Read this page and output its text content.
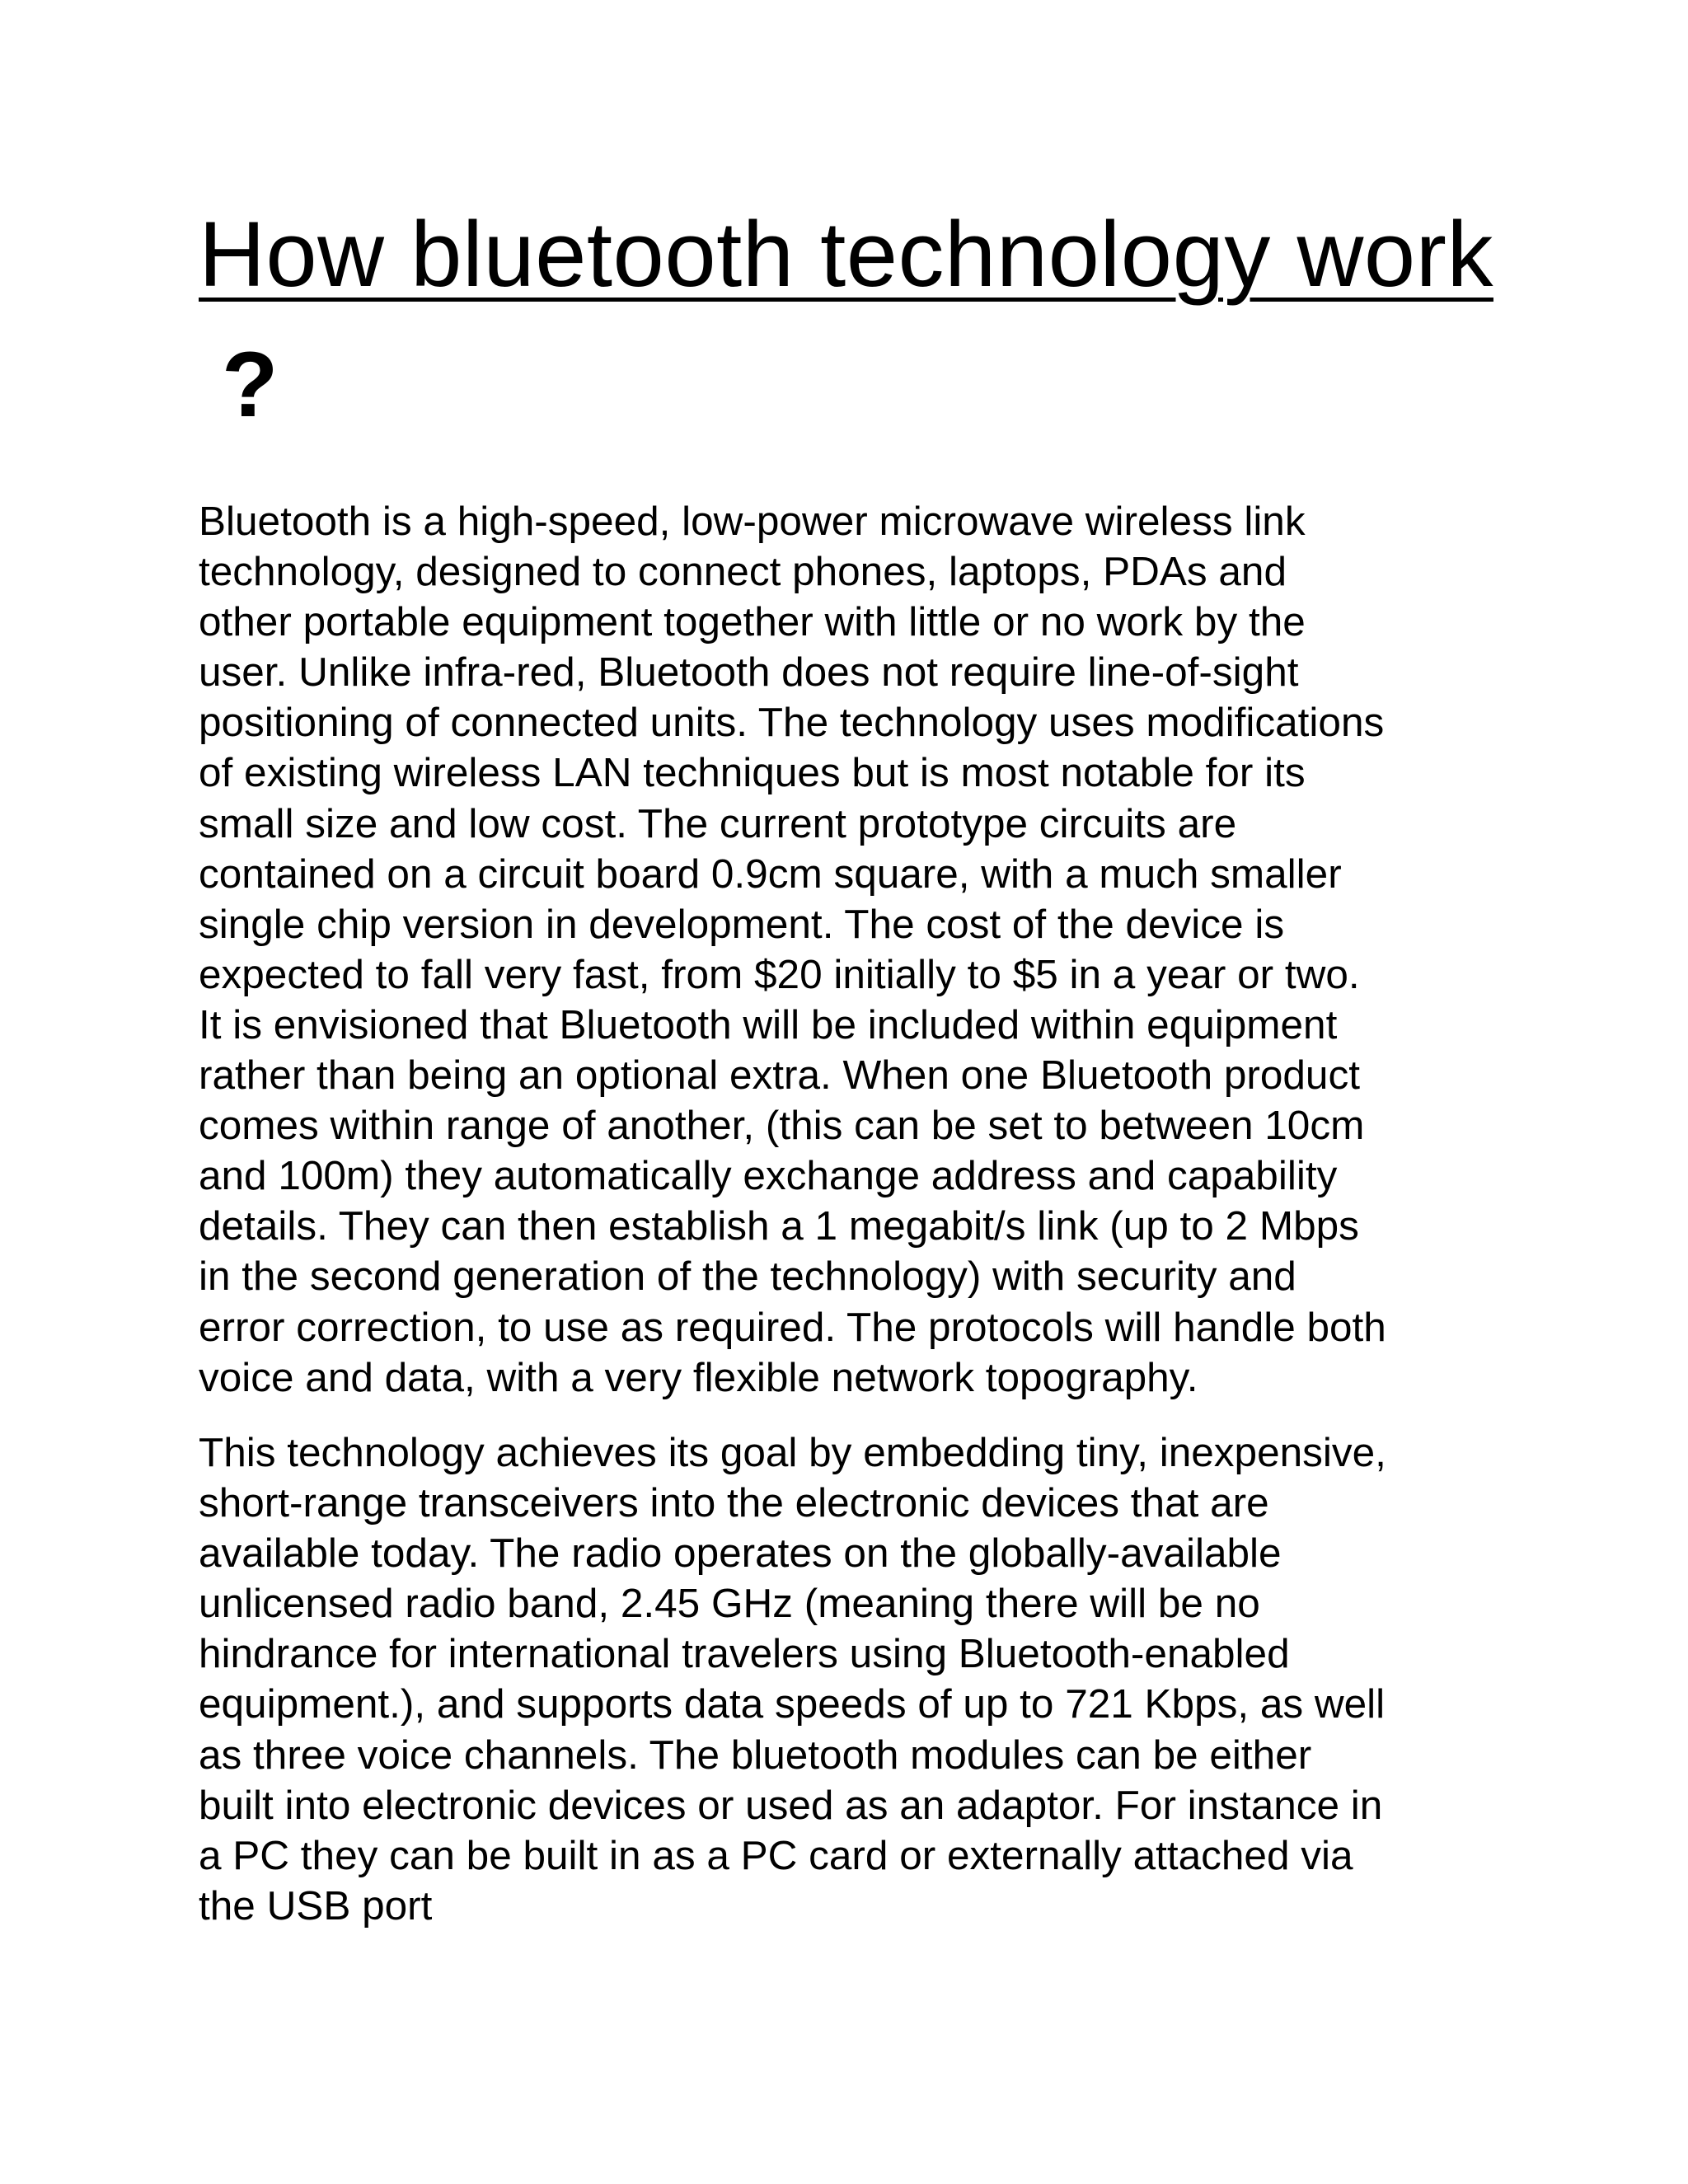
How bluetooth technology work ?
Bluetooth is a high-speed, low-power microwave wireless link
technology, designed to connect phones, laptops, PDAs and
other portable equipment together with little or no work by the
user. Unlike infra-red, Bluetooth does not require line-of-sight
positioning of connected units. The technology uses modifications
of existing wireless LAN techniques but is most notable for its
small size and low cost. The current prototype circuits are
contained on a circuit board 0.9cm square, with a much smaller
single chip version in development. The cost of the device is
expected to fall very fast, from $20 initially to $5 in a year or two.
It is envisioned that Bluetooth will be included within equipment
rather than being an optional extra. When one Bluetooth product
comes within range of another, (this can be set to between 10cm
and 100m) they automatically exchange address and capability
details. They can then establish a 1 megabit/s link (up to 2 Mbps
in the second generation of the technology) with security and
error correction, to use as required. The protocols will handle both
voice and data, with a very flexible network topography.
This technology achieves its goal by embedding tiny, inexpensive,
short-range transceivers into the electronic devices that are
available today. The radio operates on the globally-available
unlicensed radio band, 2.45 GHz (meaning there will be no
hindrance for international travelers using Bluetooth-enabled
equipment.), and supports data speeds of up to 721 Kbps, as well
as three voice channels. The bluetooth modules can be either
built into electronic devices or used as an adaptor. For instance in
a PC they can be built in as a PC card or externally attached via
the USB port
